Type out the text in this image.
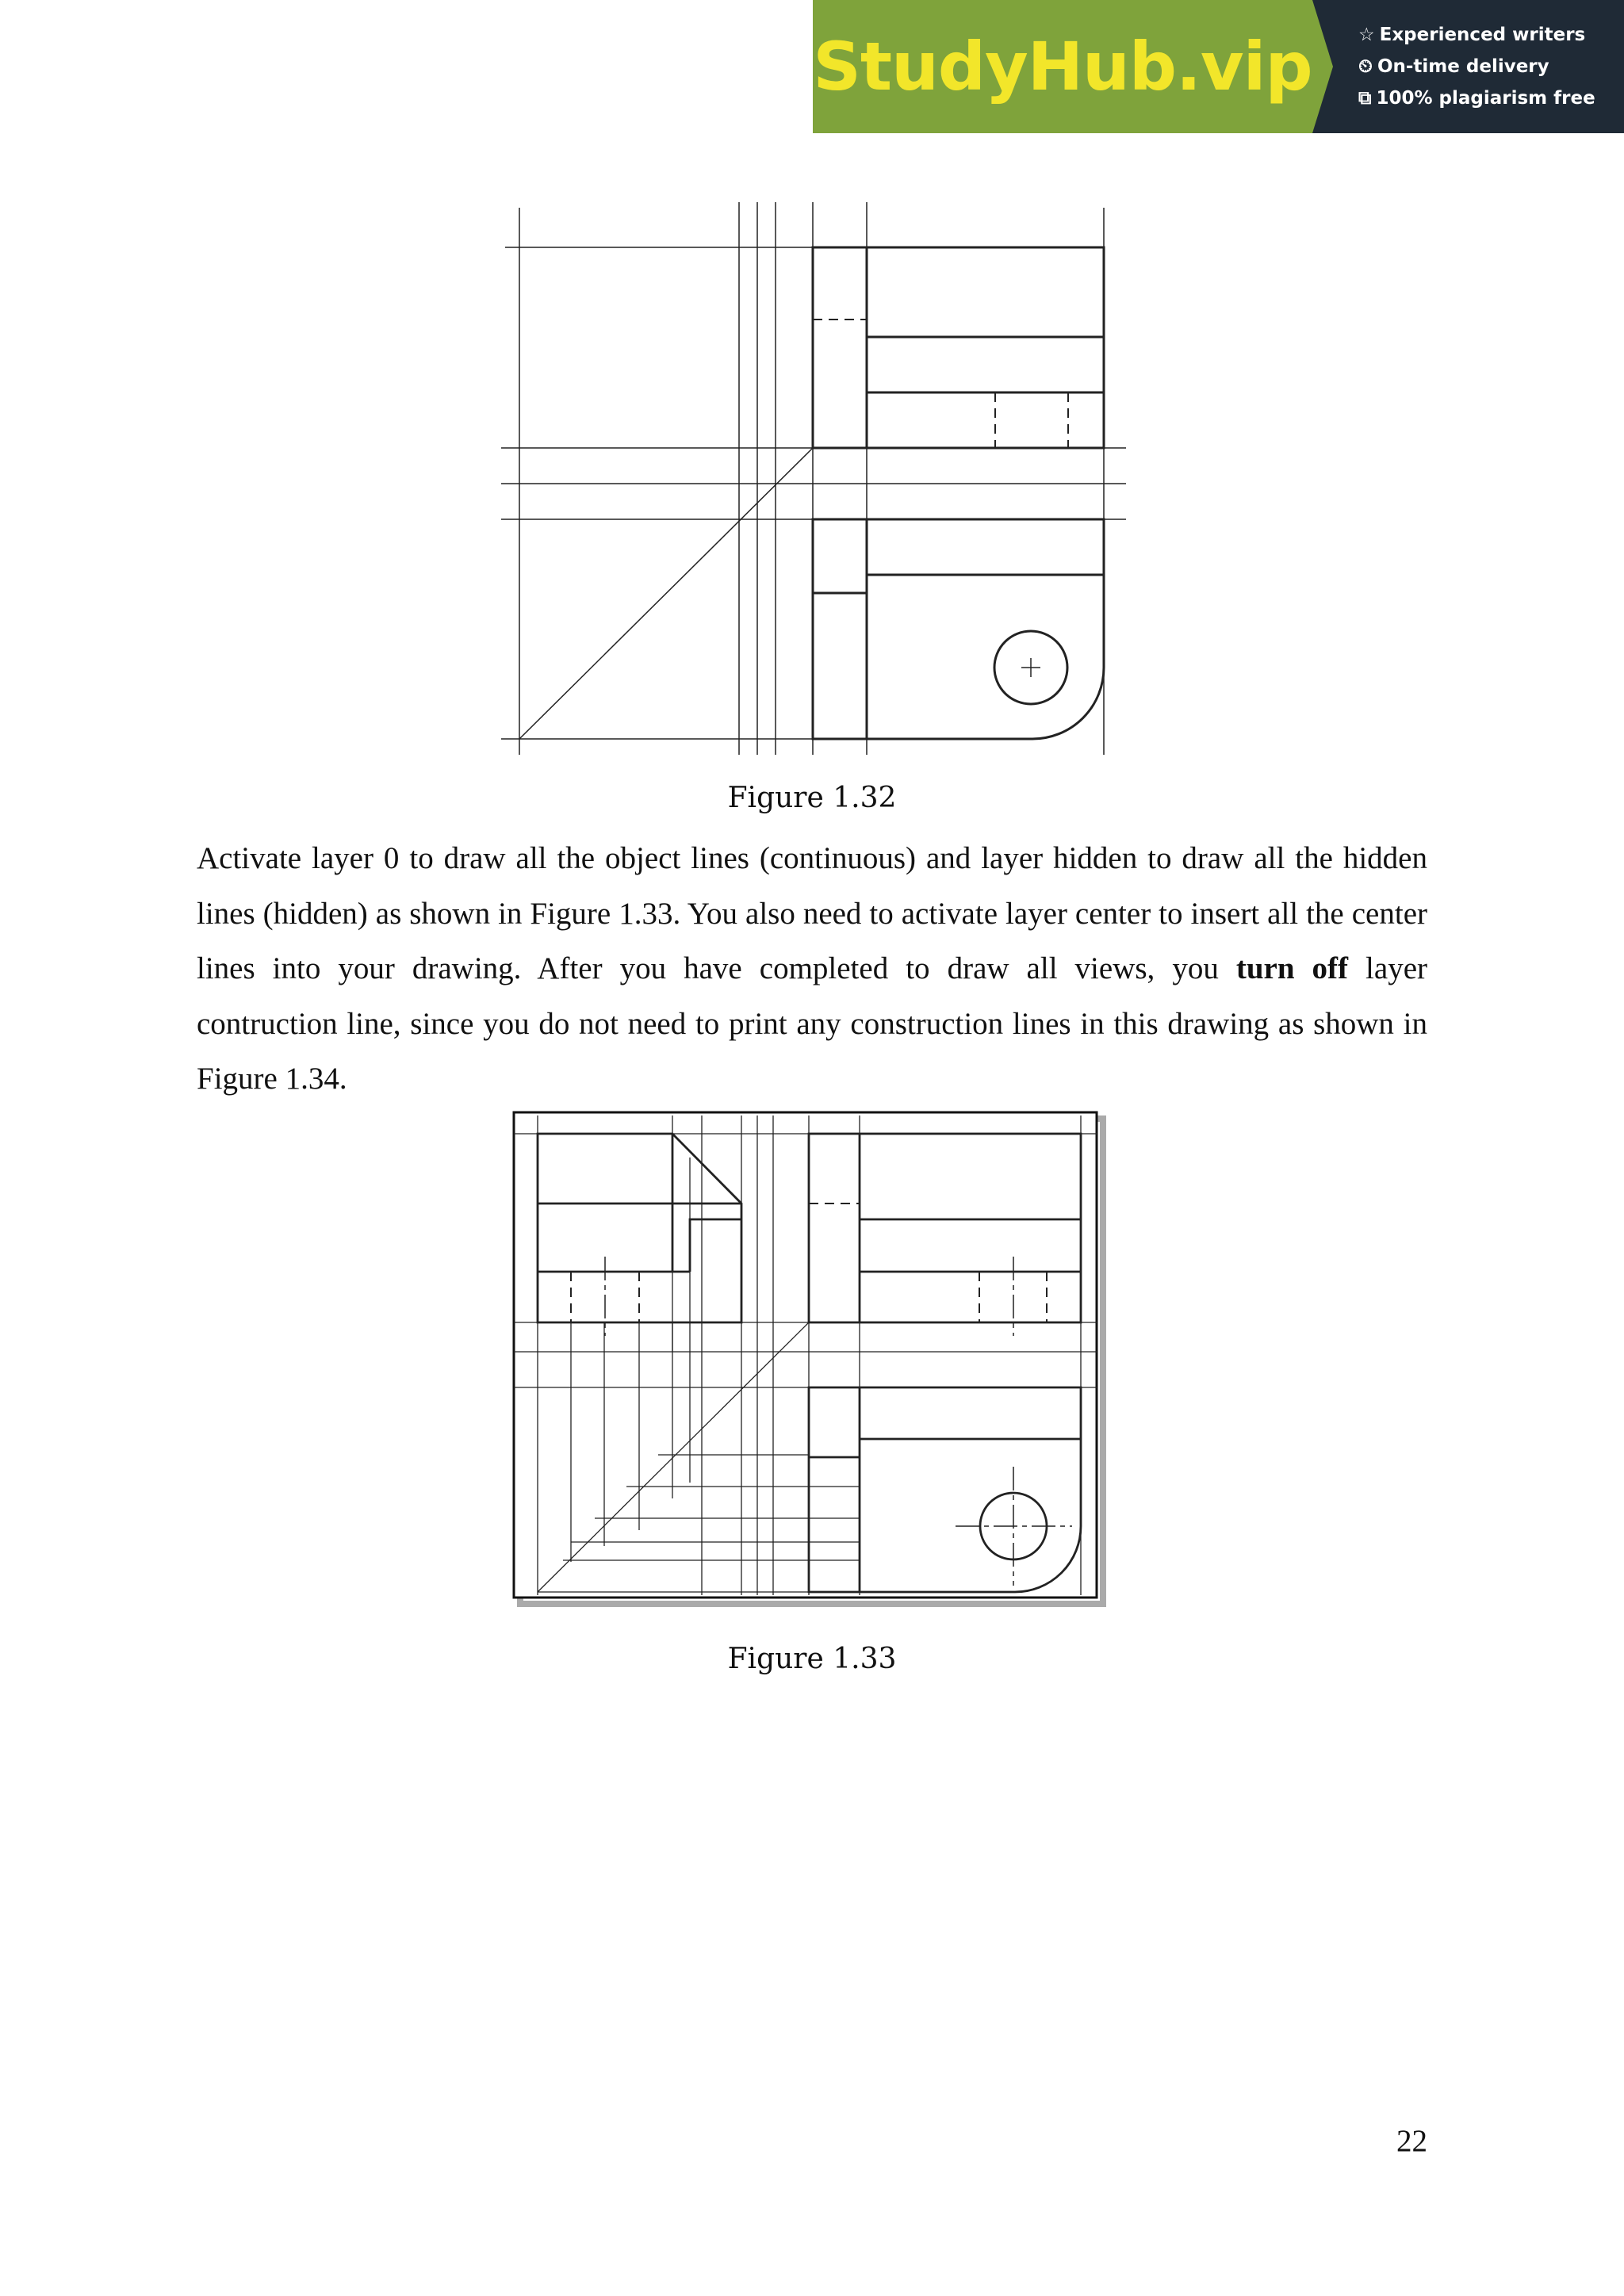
StudyHub.vip	☆ Experienced writers
⏲ On-time delivery
⧉ 100% plagiarism free
Figure 1.32
Activate layer 0 to draw all the object lines (continuous) and layer hidden to draw all the hidden lines (hidden) as shown in Figure 1.33. You also need to activate layer center to insert all the center lines into your drawing. After you have completed to draw all views, you turn off layer contruction line, since you do not need to print any construction lines in this drawing as shown in Figure 1.34.
Figure 1.33
22
